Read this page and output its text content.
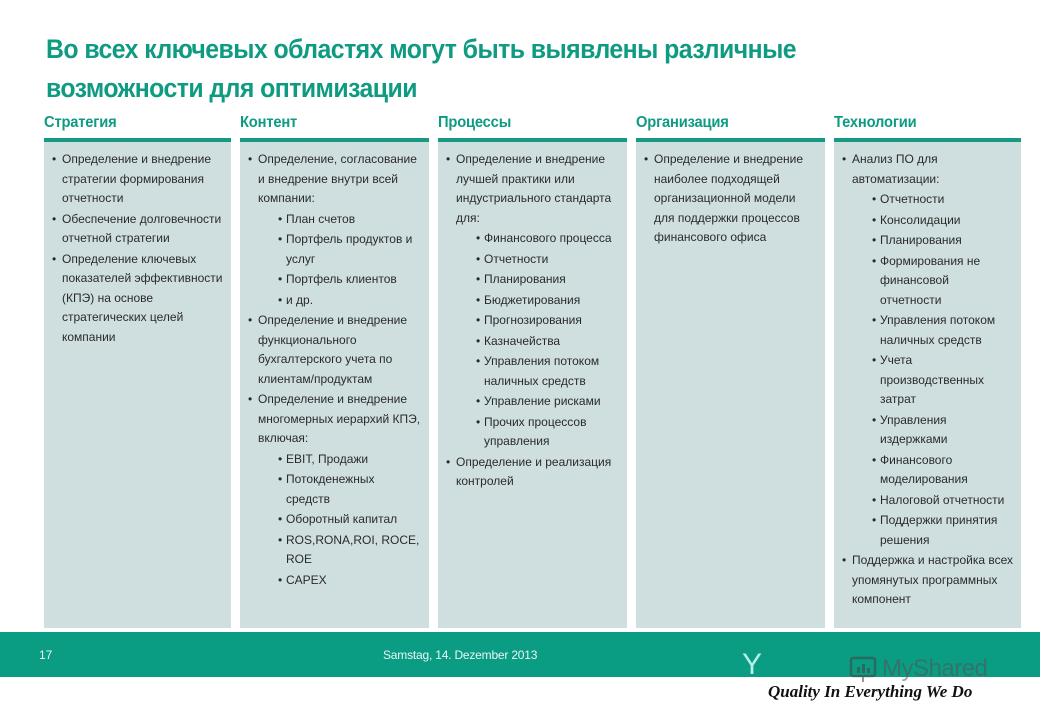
Во всех ключевых областях могут быть выявлены различные возможности для оптимизации
Стратегия
• Определение и внедрение стратегии формирования отчетности
• Обеспечение долговечности отчетной стратегии
• Определение ключевых показателей эффективности (КПЭ) на основе стратегических целей компании
Контент
• Определение, согласование и внедрение внутри всей компании:
• План счетов
• Портфель продуктов и услуг
• Портфель клиентов
• и др.
• Определение и внедрение функционального бухгалтерского учета по клиентам/продуктам
• Определение и внедрение многомерных иерархий КПЭ, включая:
• EBIT, Продажи
• Потокденежных средств
• Оборотный капитал
• ROS,RONA,ROI, ROCE, ROE
• CAPEX
Процессы
• Определение и внедрение лучшей практики или индустриального стандарта для:
• Финансового процесса
• Отчетности
• Планирования
• Бюджетирования
• Прогнозирования
• Казначейства
• Управления потоком наличных средств
• Управление рисками
• Прочих процессов управления
• Определение и реализация контролей
Организация
• Определение и внедрение наиболее подходящей организационной модели для поддержки процессов финансового офиса
Технологии
• Анализ ПО для автоматизации:
• Отчетности
• Консолидации
• Планирования
• Формирования не финансовой отчетности
• Управления потоком наличных средств
• Учета производственных затрат
• Управления издержками
• Финансового моделирования
• Налоговой отчетности
• Поддержки принятия решения
• Поддержка и настройка всех упомянутых программных компонент
17	Samstag, 14. Dezember 2013	Y	MyShared
Quality In Everything We Do
